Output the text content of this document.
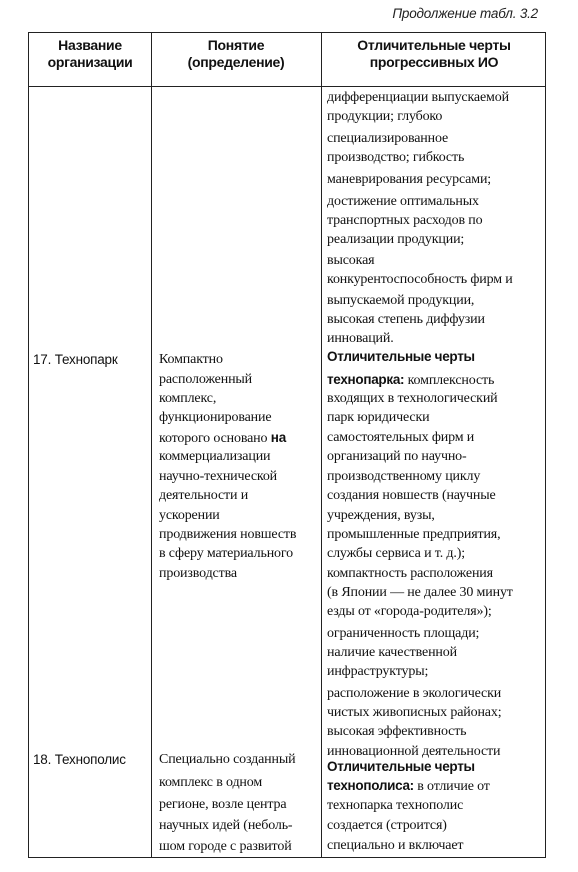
Продолжение табл. 3.2
Название
организации
Понятие
(определение)
Отличительные черты
прогрессивных ИО
дифференциации выпускаемой
продукции; глубоко
специализированное
производство; гибкость
маневрирования ресурсами;
достижение оптимальных
транспортных расходов по
реализации продукции;
высокая
конкурентоспособность фирм и
выпускаемой продукции,
высокая степень диффузии
инноваций.
17. Технопарк	Компактно
расположенный
комплекс,
функционирование
которого основано на
коммерциализации
научно-технической
деятельности и
ускорении
продвижения новшеств
в сферу материального
производства
Отличительные черты
технопарка: комплексность
входящих в технологический
парк юридически
самостоятельных фирм и
организаций по научно-
производственному циклу
создания новшеств (научные
учреждения, вузы,
промышленные предприятия,
службы сервиса и т. д.);
компактность расположения
(в Японии — не далее 30 минут
езды от «города-родителя»);
ограниченность площади;
наличие качественной
инфраструктуры;
расположение в экологически
чистых живописных районах;
высокая эффективность
инновационной деятельности
18. Технополис Специально созданный
комплекс в одном
регионе, возле центра
научных идей (неболь-
шом городе с развитой
Отличительные черты
технополиса: в отличие от
технопарка технополис
создается (строится)
специально и включает
